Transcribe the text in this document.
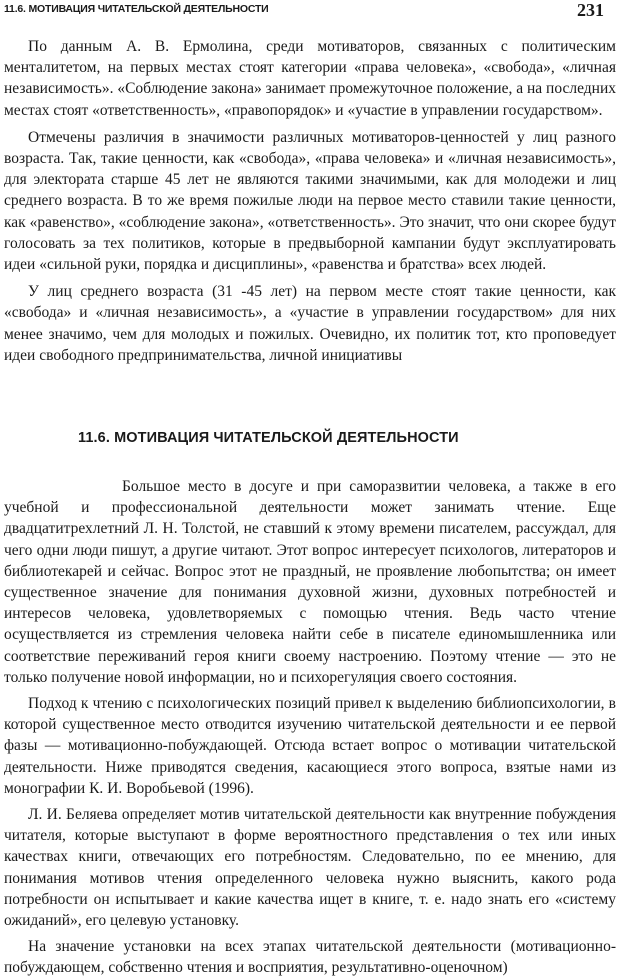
11.6. МОТИВАЦИЯ ЧИТАТЕЛЬСКОЙ ДЕЯТЕЛЬНОСТИ	231

По данным А. В. Ермолина, среди мотиваторов, связанных с политическим менталитетом, на первых местах стоят категории «права человека», «свобода», «личная независимость». «Соблюдение закона» занимает промежуточное положение, а на последних местах стоят «ответственность», «правопорядок» и «участие в управлении государством».

Отмечены различия в значимости различных мотиваторов-ценностей у лиц разного возраста. Так, такие ценности, как «свобода», «права человека» и «личная независимость», для электората старше 45 лет не являются такими значимыми, как для молодежи и лиц среднего возраста. В то же время пожилые люди на первое место ставили такие ценности, как «равенство», «соблюдение закона», «ответственность». Это значит, что они скорее будут голосовать за тех политиков, которые в предвыборной кампании будут эксплуатировать идеи «сильной руки, порядка и дисциплины», «равенства и братства» всех людей.

У лиц среднего возраста (31 -45 лет) на первом месте стоят такие ценности, как «свобода» и «личная независимость», а «участие в управлении государством» для них менее значимо, чем для молодых и пожилых. Очевидно, их политик тот, кто проповедует идеи свободного предпринимательства, личной инициативы

11.6. МОТИВАЦИЯ ЧИТАТЕЛЬСКОЙ ДЕЯТЕЛЬНОСТИ

Большое место в досуге и при саморазвитии человека, а также в его учебной и профессиональной деятельности может занимать чтение. Еще двадцатитрехлетний Л. Н. Толстой, не ставший к этому времени писателем, рассуждал, для чего одни люди пишут, а другие читают. Этот вопрос интересует психологов, литераторов и библиотекарей и сейчас. Вопрос этот не праздный, не проявление любопытства; он имеет существенное значение для понимания духовной жизни, духовных потребностей и интересов человека, удовлетворяемых с помощью чтения. Ведь часто чтение осуществляется из стремления человека найти себе в писателе единомышленника или соответствие переживаний героя книги своему настроению. Поэтому чтение — это не только получение новой информации, но и психорегуляция своего состояния.

Подход к чтению с психологических позиций привел к выделению библиопсихологии, в которой существенное место отводится изучению читательской деятельности и ее первой фазы — мотивационно-побуждающей. Отсюда встает вопрос о мотивации читательской деятельности. Ниже приводятся сведения, касающиеся этого вопроса, взятые нами из монографии К. И. Воробьевой (1996).

Л. И. Беляева определяет мотив читательской деятельности как внутренние побуждения читателя, которые выступают в форме вероятностного представления о тех или иных качествах книги, отвечающих его потребностям. Следовательно, по ее мнению, для понимания мотивов чтения определенного человека нужно выяснить, какого рода потребности он испытывает и какие качества ищет в книге, т. е. надо знать его «систему ожиданий», его целевую установку.

На значение установки на всех этапах читательской деятельности (мотивационно-побуждающем, собственно чтения и восприятия, результативно-оценочном)
